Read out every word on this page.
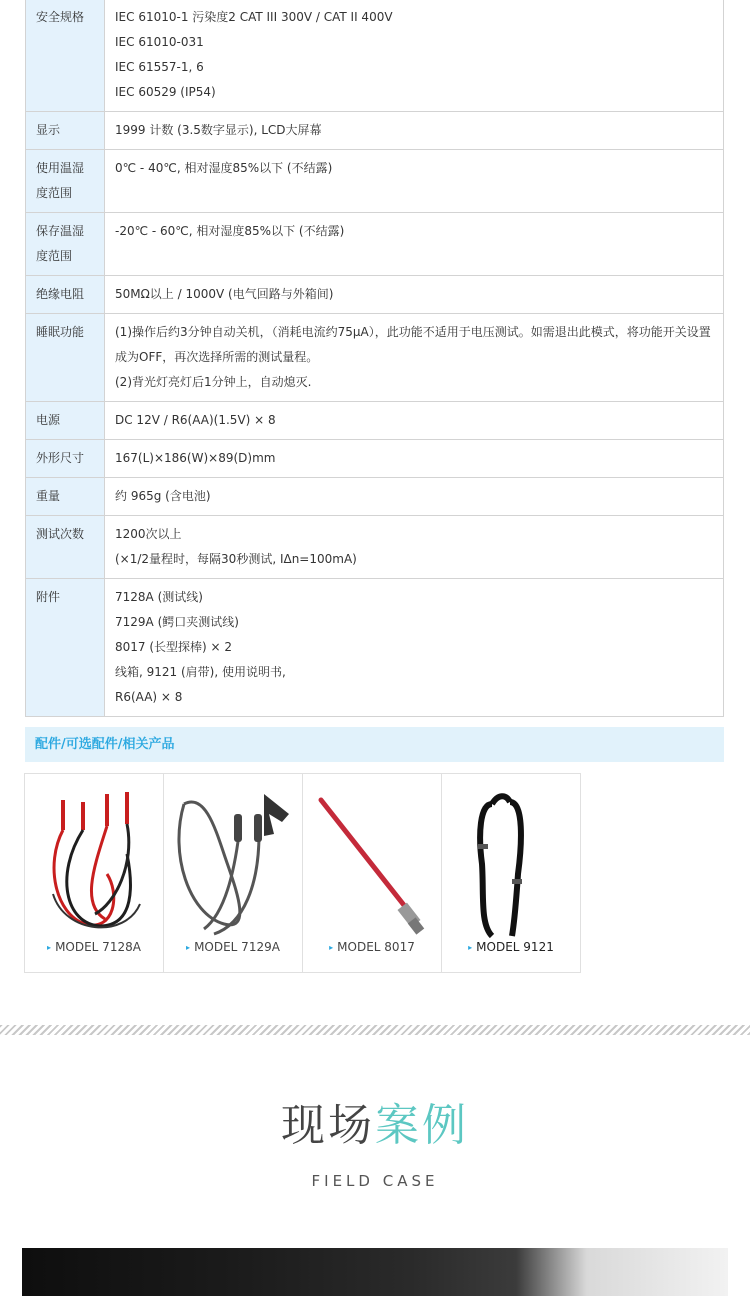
安全规格	IEC 61010-1 污染度2 CAT III 300V / CAT II 400V
IEC 61010-031
IEC 61557-1, 6
IEC 60529 (IP54)

显示	1999 计数 (3.5数字显示), LCD大屏幕

使用温湿度范围	0℃ - 40℃, 相对湿度85%以下 (不结露)

保存温湿度范围	-20℃ - 60℃, 相对湿度85%以下 (不结露)

绝缘电阻	50MΩ以上 / 1000V (电气回路与外箱间)

睡眠功能	(1)操作后约3分钟自动关机，（消耗电流约75μA），此功能不适用于电压测试。如需退出此模式，将功能开关设置成为OFF，再次选择所需的测试量程。
(2)背光灯亮灯后1分钟上，自动熄灭.

电源	DC 12V / R6(AA)(1.5V) × 8

外形尺寸	167(L)×186(W)×89(D)mm

重量	约 965g (含电池)

测试次数	1200次以上
(×1/2量程时，每隔30秒测试, IΔn=100mA)

附件	7128A (测试线)
7129A (鳄口夹测试线)
8017 (长型探棒) × 2
线箱, 9121 (肩带), 使用说明书,
R6(AA) × 8
配件/可选配件/相关产品
▸ MODEL 7128A	▸ MODEL 7129A	▸ MODEL 8017	▸ MODEL 9121
现场案例
FIELD CASE
